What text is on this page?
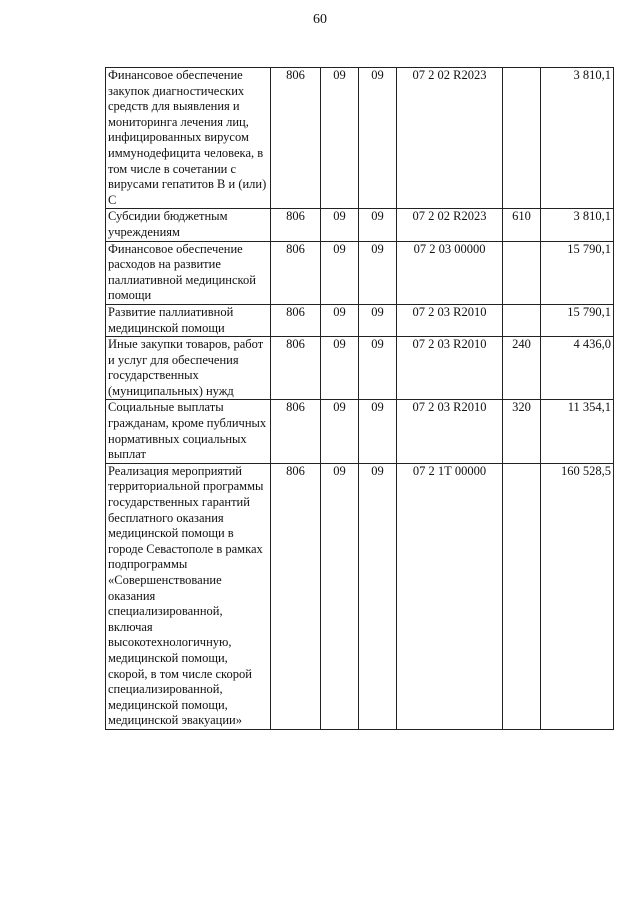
60
Финансовое обеспечение закупок диагностических средств для выявления и мониторинга лечения лиц, инфицированных вирусом иммунодефицита человека, в том числе в сочетании с вирусами гепатитов В и (или) С	806	09	09	07 2 02 R2023		3 810,1
Субсидии бюджетным учреждениям	806	09	09	07 2 02 R2023	610	3 810,1
Финансовое обеспечение расходов на развитие паллиативной медицинской помощи	806	09	09	07 2 03 00000		15 790,1
Развитие паллиативной медицинской помощи	806	09	09	07 2 03 R2010		15 790,1
Иные закупки товаров, работ и услуг для обеспечения государственных (муниципальных) нужд	806	09	09	07 2 03 R2010	240	4 436,0
Социальные выплаты гражданам, кроме публичных нормативных социальных выплат	806	09	09	07 2 03 R2010	320	11 354,1
Реализация мероприятий территориальной программы государственных гарантий бесплатного оказания медицинской помощи в городе Севастополе в рамках подпрограммы «Совершенствование оказания специализированной, включая высокотехнологичную, медицинской помощи, скорой, в том числе скорой специализированной, медицинской помощи, медицинской эвакуации»	806	09	09	07 2 1Т 00000		160 528,5
